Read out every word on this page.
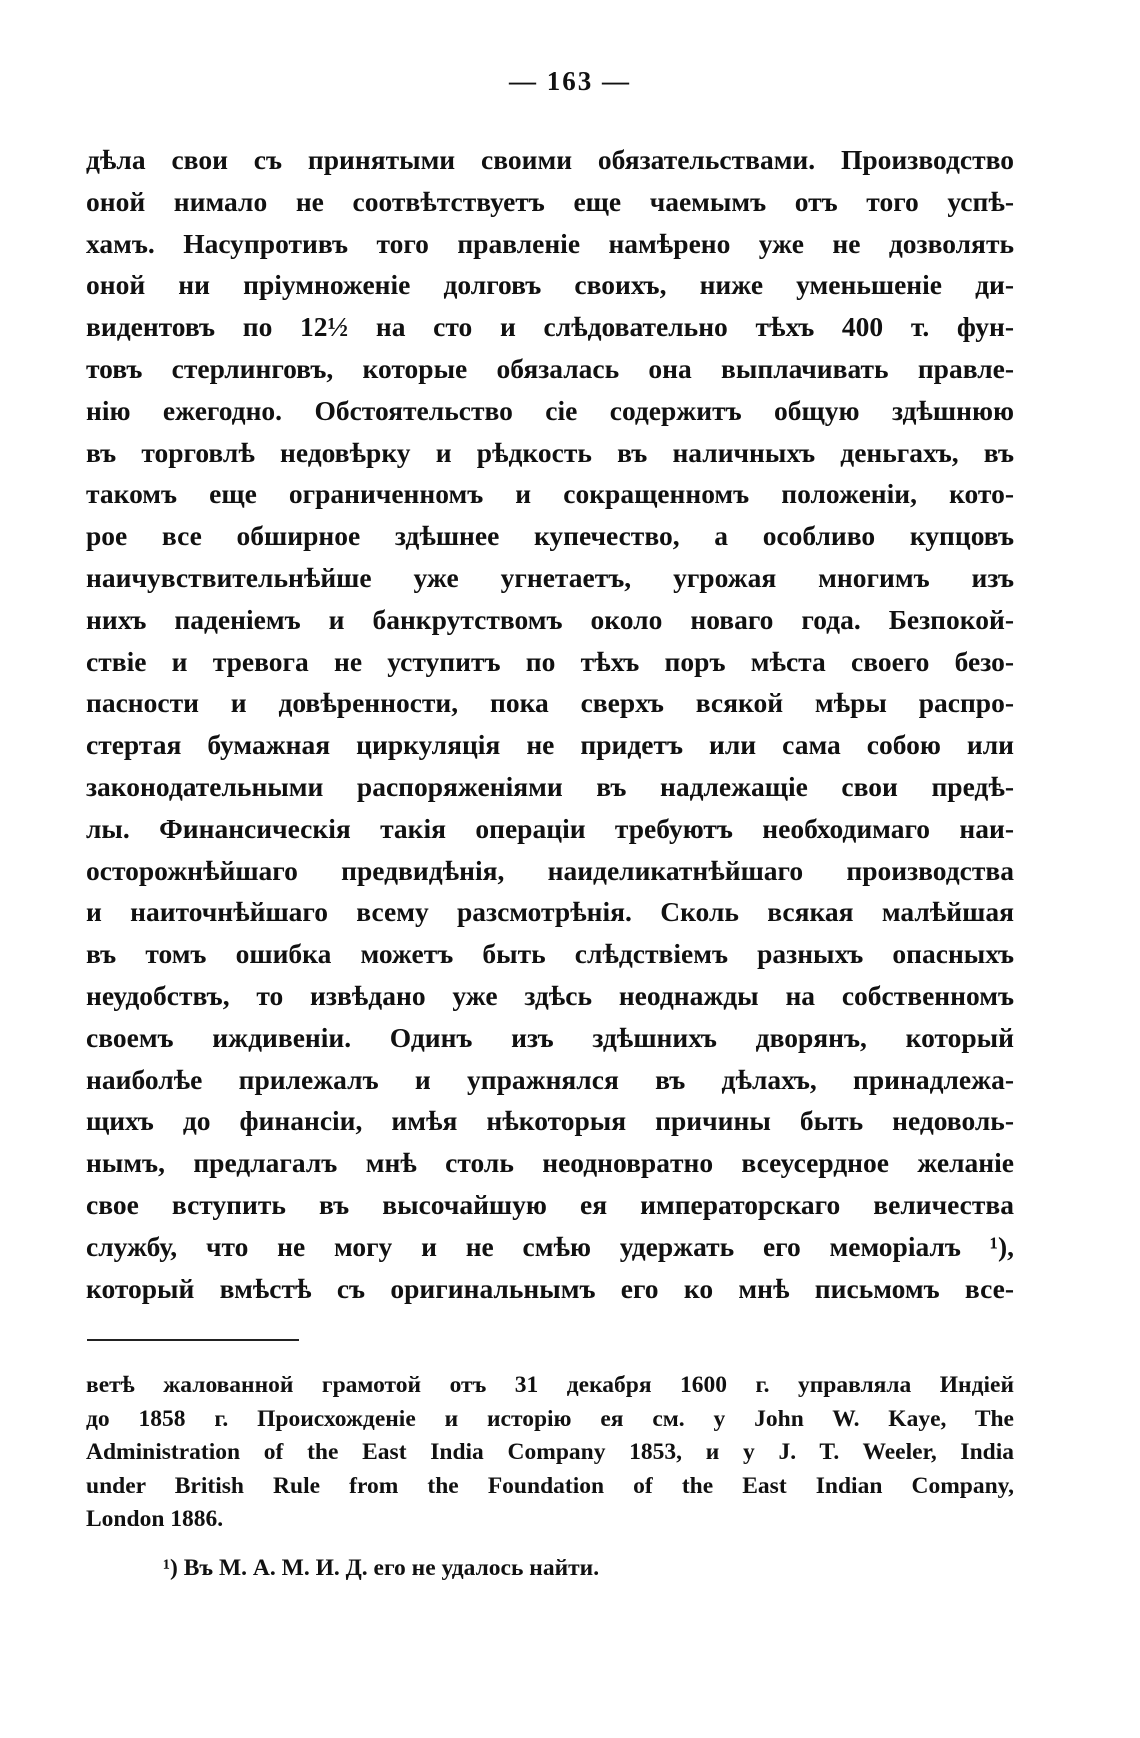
— 163 —
дѣла свои съ принятыми своими обязательствами. Производство
оной нимало не соотвѣтствуетъ еще чаемымъ отъ того успѣ-
хамъ. Насупротивъ того правленіе намѣрено уже не дозволять
оной ни пріумноженіе долговъ своихъ, ниже уменьшеніе ди-
видентовъ по 12½ на сто и слѣдовательно тѣхъ 400 т. фун-
товъ стерлинговъ, которые обязалась она выплачивать правле-
нію ежегодно. Обстоятельство сіе содержитъ общую здѣшнюю
въ торговлѣ недовѣрку и рѣдкость въ наличныхъ деньгахъ, въ
такомъ еще ограниченномъ и сокращенномъ положеніи, кото-
рое все обширное здѣшнее купечество, а особливо купцовъ
наичувствительнѣйше уже угнетаетъ, угрожая многимъ изъ
нихъ паденіемъ и банкрутствомъ около новаго года. Безпокой-
ствіе и тревога не уступитъ по тѣхъ поръ мѣста своего безо-
пасности и довѣренности, пока сверхъ всякой мѣры распро-
стертая бумажная циркуляція не придетъ или сама собою или
законодательными распоряженіями въ надлежащіе свои предѣ-
лы. Финансическія такія операціи требуютъ необходимаго наи-
осторожнѣйшаго предвидѣнія, наиделикатнѣйшаго производства
и наиточнѣйшаго всему разсмотрѣнія. Сколь всякая малѣйшая
въ томъ ошибка можетъ быть слѣдствіемъ разныхъ опасныхъ
неудобствъ, то извѣдано уже здѣсь неоднажды на собственномъ
своемъ иждивеніи. Одинъ изъ здѣшнихъ дворянъ, который
наиболѣе прилежалъ и упражнялся въ дѣлахъ, принадлежа-
щихъ до финансіи, имѣя нѣкоторыя причины быть недоволь-
нымъ, предлагалъ мнѣ столь неодноврaтно всеусердное желаніе
свое вступить въ высочайшую ея императорскаго величества
службу, что не могу и не смѣю удержать его меморіалъ ¹),
который вмѣстѣ съ оригинальнымъ его ко мнѣ письмомъ все-
ветѣ жалованной грамотой отъ 31 декабря 1600 г. управляла Индіей
до 1858 г. Происхожденіе и исторію ея см. у John W. Kaye, The
Administration of the East India Company 1853, и у J. T. Weeler, India
under British Rule from the Foundation of the East Indian Company,
London 1886.
¹) Въ М. А. М. И. Д. его не удалось найти.
